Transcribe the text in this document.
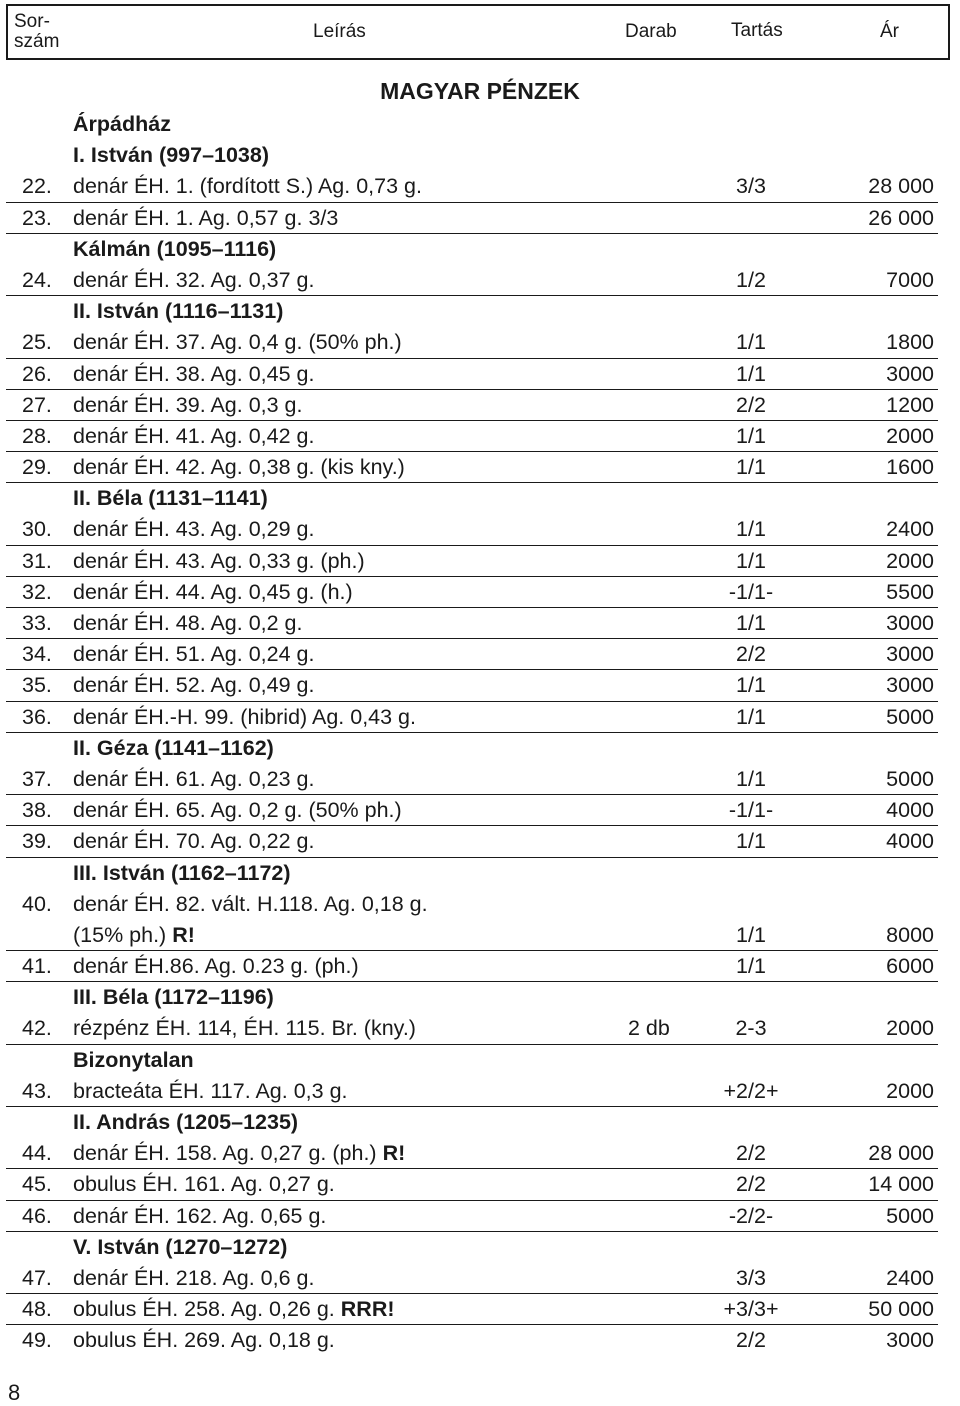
Sor-
szám	Leírás	Darab	Tartás	Ár
MAGYAR PÉNZEK
Árpádház
I. István (997–1038)
22. denár ÉH. 1. (fordított S.) Ag. 0,73 g.	3/3	28 000
23. denár ÉH. 1. Ag. 0,57 g. 3/3	26 000
Kálmán (1095–1116)
24. denár ÉH. 32. Ag. 0,37 g.	1/2	7000
II. István (1116–1131)
25. denár ÉH. 37. Ag. 0,4 g. (50% ph.)	1/1	1800
26. denár ÉH. 38. Ag. 0,45 g.	1/1	3000
27. denár ÉH. 39. Ag. 0,3 g.	2/2	1200
28. denár ÉH. 41. Ag. 0,42 g.	1/1	2000
29. denár ÉH. 42. Ag. 0,38 g. (kis kny.)	1/1	1600
II. Béla (1131–1141)
30. denár ÉH. 43. Ag. 0,29 g.	1/1	2400
31. denár ÉH. 43. Ag. 0,33 g. (ph.)	1/1	2000
32. denár ÉH. 44. Ag. 0,45 g. (h.)	-1/1-	5500
33. denár ÉH. 48. Ag. 0,2 g.	1/1	3000
34. denár ÉH. 51. Ag. 0,24 g.	2/2	3000
35. denár ÉH. 52. Ag. 0,49 g.	1/1	3000
36. denár ÉH.-H. 99. (hibrid) Ag. 0,43 g.	1/1	5000
II. Géza (1141–1162)
37. denár ÉH. 61. Ag. 0,23 g.	1/1	5000
38. denár ÉH. 65. Ag. 0,2 g. (50% ph.)	-1/1-	4000
39. denár ÉH. 70. Ag. 0,22 g.	1/1	4000
III. István (1162–1172)
40. denár ÉH. 82. vált. H.118. Ag. 0,18 g.
(15% ph.) R!	1/1	8000
41. denár ÉH.86. Ag. 0.23 g. (ph.)	1/1	6000
III. Béla (1172–1196)
42. rézpénz ÉH. 114, ÉH. 115. Br. (kny.)	2 db	2-3	2000
Bizonytalan
43. bracteáta ÉH. 117. Ag. 0,3 g.	+2/2+	2000
II. András (1205–1235)
44. denár ÉH. 158. Ag. 0,27 g. (ph.) R!	2/2	28 000
45. obulus ÉH. 161. Ag. 0,27 g.	2/2	14 000
46. denár ÉH. 162. Ag. 0,65 g.	-2/2-	5000
V. István (1270–1272)
47. denár ÉH. 218. Ag. 0,6 g.	3/3	2400
48. obulus ÉH. 258. Ag. 0,26 g. RRR!	+3/3+	50 000
49. obulus ÉH. 269. Ag. 0,18 g.	2/2	3000
8
